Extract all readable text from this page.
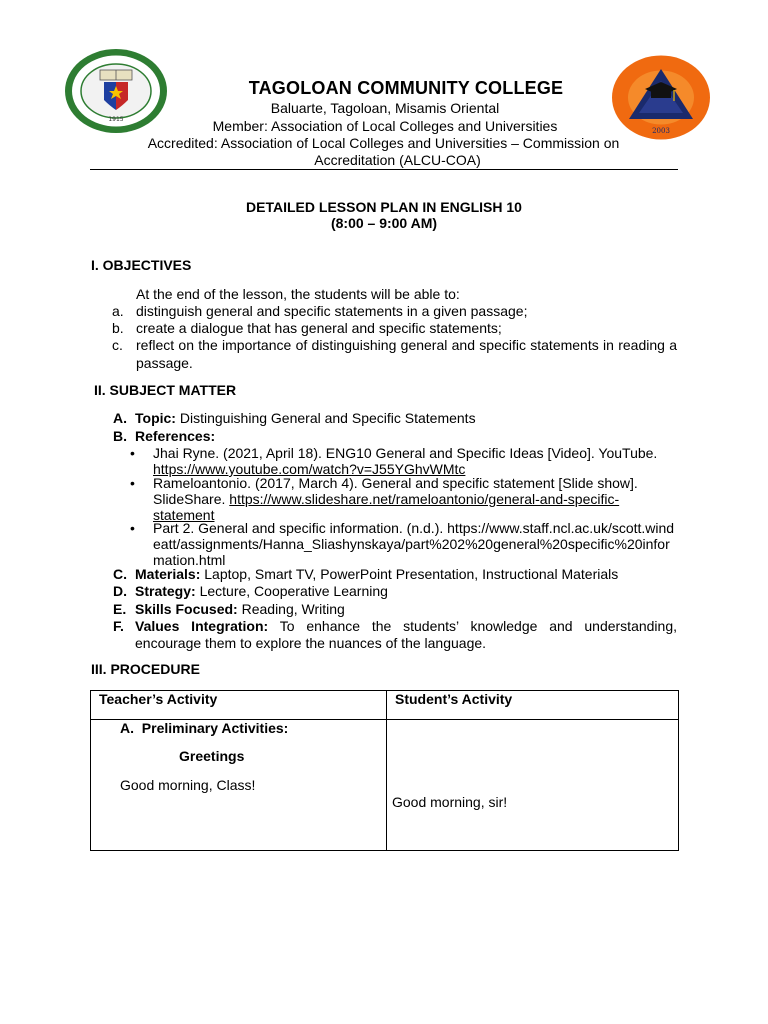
1915
2003
TAGOLOAN COMMUNITY COLLEGE
Baluarte, Tagoloan, Misamis Oriental
Member: Association of Local Colleges and Universities
Accredited: Association of Local Colleges and Universities – Commission on
Accreditation (ALCU-COA)
DETAILED LESSON PLAN IN ENGLISH 10
(8:00 – 9:00 AM)
I. OBJECTIVES
At the end of the lesson, the students will be able to:
a. distinguish general and specific statements in a given passage;
b. create a dialogue that has general and specific statements;
c. reflect on the importance of distinguishing general and specific statements in reading a passage.
II. SUBJECT MATTER
A. Topic: Distinguishing General and Specific Statements
B. References:
• Jhai Ryne. (2021, April 18). ENG10 General and Specific Ideas [Video]. YouTube. https://www.youtube.com/watch?v=J55YGhvWMtc
• Rameloantonio. (2017, March 4). General and specific statement [Slide show]. SlideShare. https://www.slideshare.net/rameloantonio/general-and-specific-statement
• Part 2. General and specific information. (n.d.). https://www.staff.ncl.ac.uk/scott.windeatt/assignments/Hanna_Sliashynskaya/part%202%20general%20specific%20information.html
C. Materials: Laptop, Smart TV, PowerPoint Presentation, Instructional Materials
D. Strategy: Lecture, Cooperative Learning
E. Skills Focused: Reading, Writing
F. Values Integration: To enhance the students’ knowledge and understanding, encourage them to explore the nuances of the language.
III. PROCEDURE
Teacher’s Activity	Student’s Activity

A. Preliminary Activities:
Greetings
Good morning, Class!	Good morning, sir!
